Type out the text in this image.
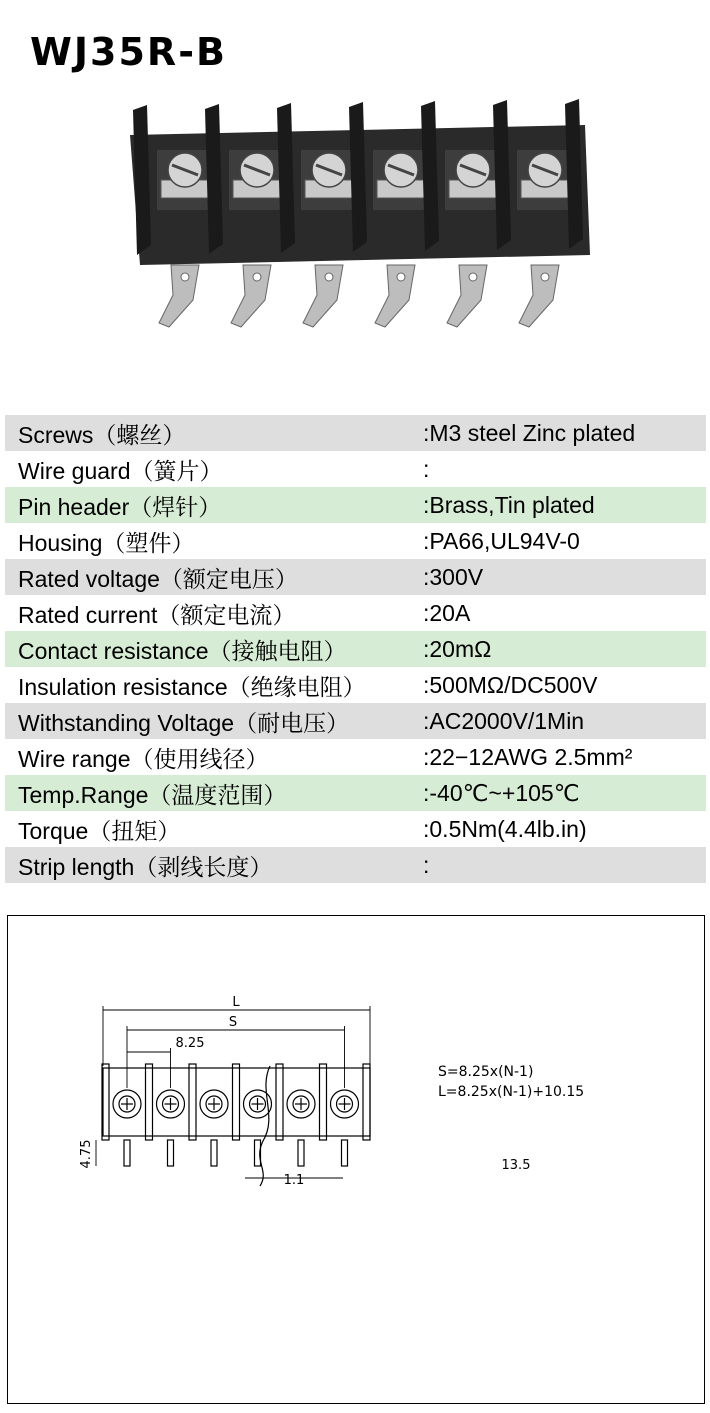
WJ35R-B
Screws（螺丝）	:M3 steel Zinc plated
Wire guard（簧片）	:
Pin header（焊针）	:Brass,Tin plated
Housing（塑件）	:PA66,UL94V-0
Rated voltage（额定电压）	:300V
Rated current（额定电流）	:20A
Contact resistance（接触电阻）	:20mΩ
Insulation resistance（绝缘电阻）	:500MΩ/DC500V
Withstanding Voltage（耐电压）	:AC2000V/1Min
Wire range（使用线径）	:22−12AWG 2.5mm²
Temp.Range（温度范围）	:-40℃~+105℃
Torque（扭矩）	:0.5Nm(4.4lb.in)
Strip length（剥线长度）	:
L
S
8.25
4.75
1.1
13.5
S=8.25x(N-1)
L=8.25x(N-1)+10.15
